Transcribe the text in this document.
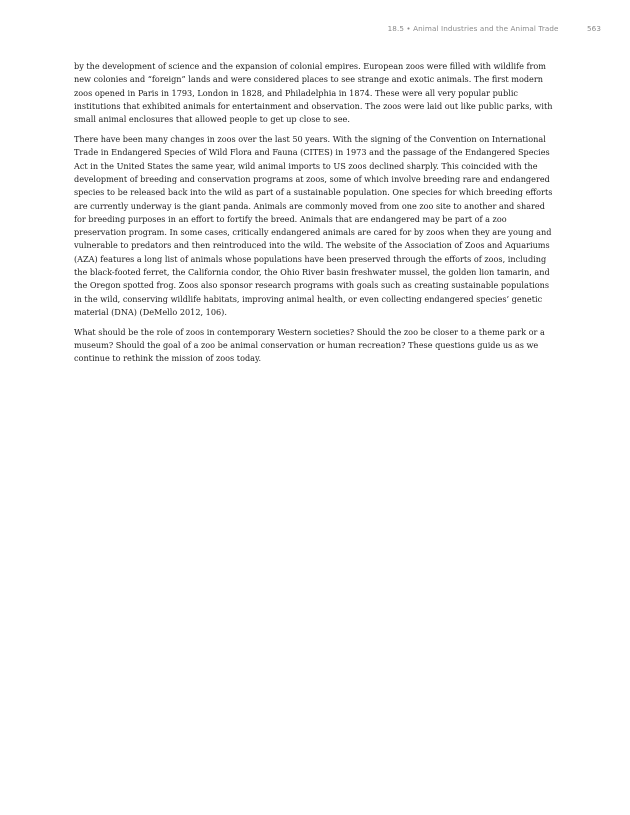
18.5 • Animal Industries and the Animal Trade	563

by the development of science and the expansion of colonial empires. European zoos were filled with wildlife from new colonies and “foreign” lands and were considered places to see strange and exotic animals. The first modern zoos opened in Paris in 1793, London in 1828, and Philadelphia in 1874. These were all very popular public institutions that exhibited animals for entertainment and observation. The zoos were laid out like public parks, with small animal enclosures that allowed people to get up close to see.

There have been many changes in zoos over the last 50 years. With the signing of the Convention on International Trade in Endangered Species of Wild Flora and Fauna (CITES) in 1973 and the passage of the Endangered Species Act in the United States the same year, wild animal imports to US zoos declined sharply. This coincided with the development of breeding and conservation programs at zoos, some of which involve breeding rare and endangered species to be released back into the wild as part of a sustainable population. One species for which breeding efforts are currently underway is the giant panda. Animals are commonly moved from one zoo site to another and shared for breeding purposes in an effort to fortify the breed. Animals that are endangered may be part of a zoo preservation program. In some cases, critically endangered animals are cared for by zoos when they are young and vulnerable to predators and then reintroduced into the wild. The website of the Association of Zoos and Aquariums (AZA) features a long list of animals whose populations have been preserved through the efforts of zoos, including the black-footed ferret, the California condor, the Ohio River basin freshwater mussel, the golden lion tamarin, and the Oregon spotted frog. Zoos also sponsor research programs with goals such as creating sustainable populations in the wild, conserving wildlife habitats, improving animal health, or even collecting endangered species’ genetic material (DNA) (DeMello 2012, 106).

What should be the role of zoos in contemporary Western societies? Should the zoo be closer to a theme park or a museum? Should the goal of a zoo be animal conservation or human recreation? These questions guide us as we continue to rethink the mission of zoos today.
